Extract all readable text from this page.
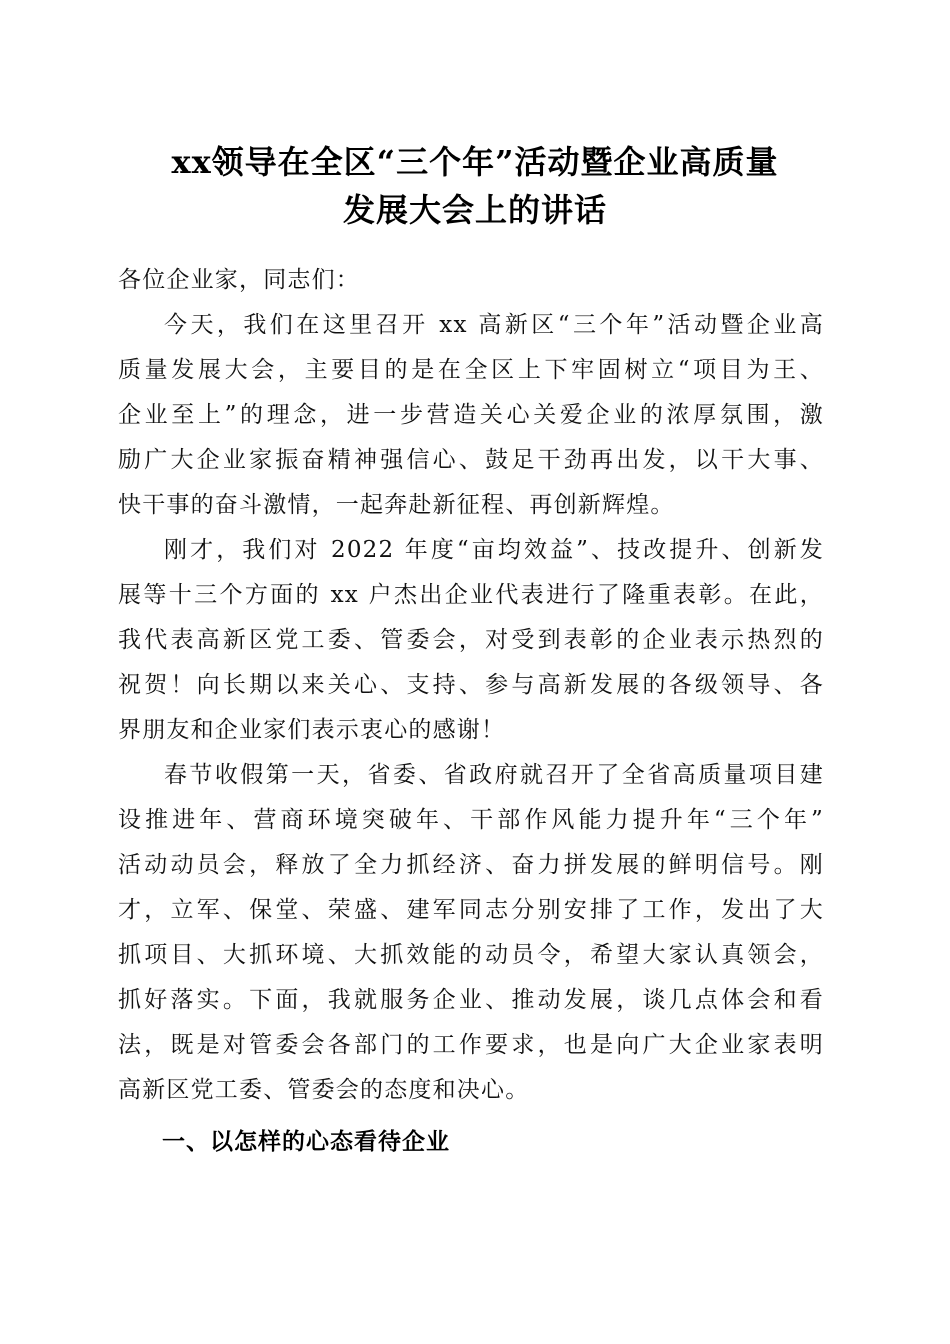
xx领导在全区“三个年”活动暨企业高质量
发展大会上的讲话
各位企业家，同志们：
今天，我们在这里召开 xx 高新区“三个年”活动暨企业高
质量发展大会，主要目的是在全区上下牢固树立“项目为王、
企业至上”的理念，进一步营造关心关爱企业的浓厚氛围，激
励广大企业家振奋精神强信心、鼓足干劲再出发，以干大事、
快干事的奋斗激情，一起奔赴新征程、再创新辉煌。
刚才，我们对 2022 年度“亩均效益”、技改提升、创新发
展等十三个方面的 xx 户杰出企业代表进行了隆重表彰。在此，
我代表高新区党工委、管委会，对受到表彰的企业表示热烈的
祝贺！向长期以来关心、支持、参与高新发展的各级领导、各
界朋友和企业家们表示衷心的感谢！
春节收假第一天，省委、省政府就召开了全省高质量项目建
设推进年、营商环境突破年、干部作风能力提升年“三个年”
活动动员会，释放了全力抓经济、奋力拼发展的鲜明信号。刚
才，立军、保堂、荣盛、建军同志分别安排了工作，发出了大
抓项目、大抓环境、大抓效能的动员令，希望大家认真领会，
抓好落实。下面，我就服务企业、推动发展，谈几点体会和看
法，既是对管委会各部门的工作要求，也是向广大企业家表明
高新区党工委、管委会的态度和决心。
一、以怎样的心态看待企业
